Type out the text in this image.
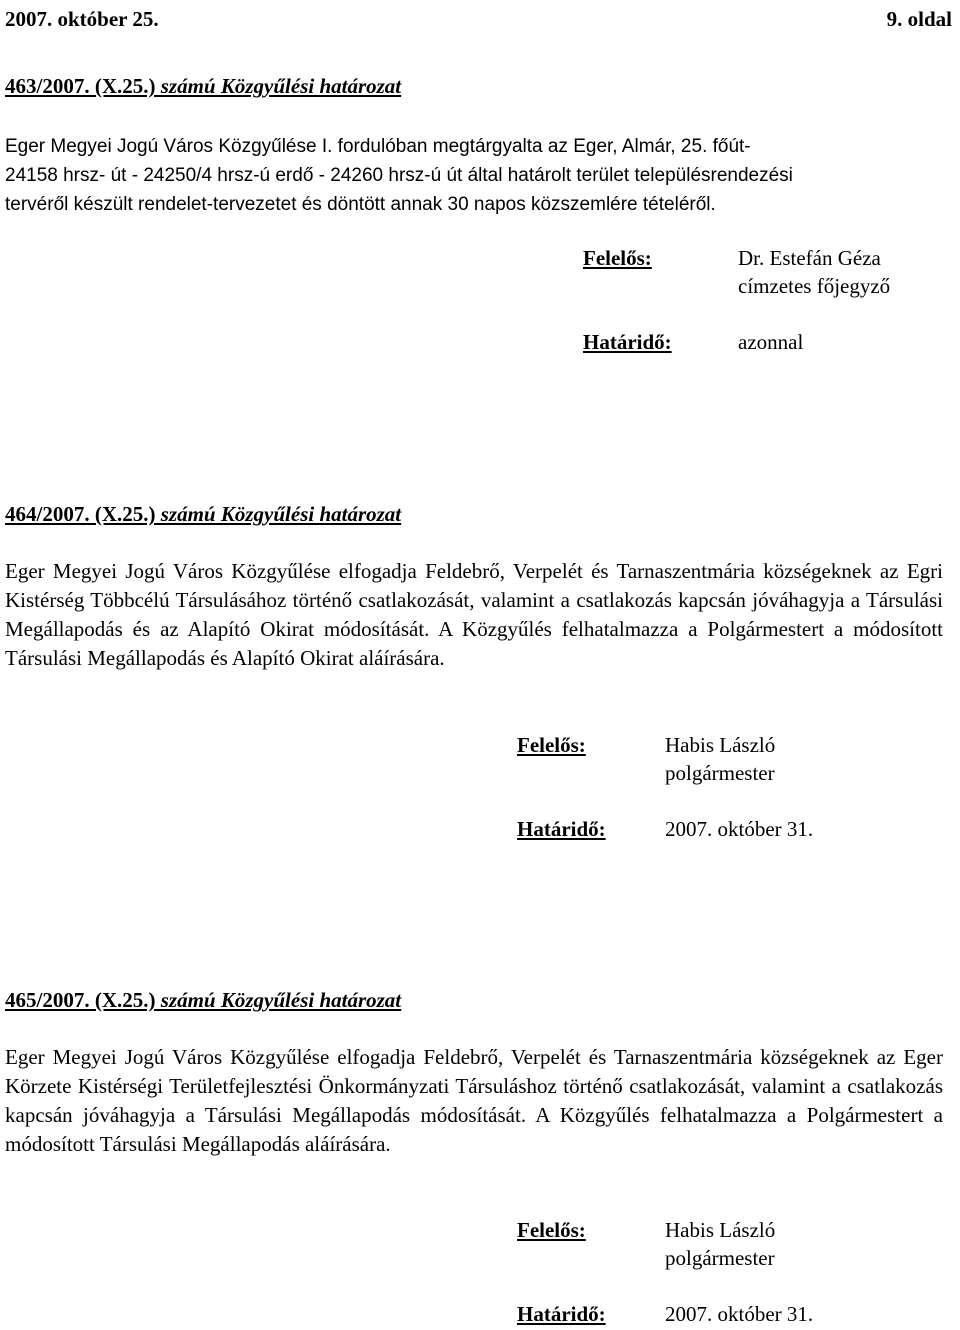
2007. október 25.	9. oldal
463/2007. (X.25.) számú Közgyűlési határozat
Eger Megyei Jogú Város Közgyűlése I. fordulóban megtárgyalta az Eger, Almár, 25. főút-
24158 hrsz- út - 24250/4 hrsz-ú erdő - 24260 hrsz-ú út által határolt terület településrendezési
tervéről készült rendelet-tervezetet és döntött annak 30 napos közszemlére tételéről.
Felelős:	Dr. Estefán Géza
címzetes főjegyző
Határidő:	azonnal
464/2007. (X.25.) számú Közgyűlési határozat
Eger Megyei Jogú Város Közgyűlése elfogadja Feldebrő, Verpelét és Tarnaszentmária községeknek az Egri Kistérség Többcélú Társulásához történő csatlakozását, valamint a csatlakozás kapcsán jóváhagyja a Társulási Megállapodás és az Alapító Okirat módosítását. A Közgyűlés felhatalmazza a Polgármestert a módosított Társulási Megállapodás és Alapító Okirat aláírására.
Felelős:	Habis László
polgármester
Határidő:	2007. október 31.
465/2007. (X.25.) számú Közgyűlési határozat
Eger Megyei Jogú Város Közgyűlése elfogadja Feldebrő, Verpelét és Tarnaszentmária községeknek az Eger Körzete Kistérségi Területfejlesztési Önkormányzati Társuláshoz történő csatlakozását, valamint a csatlakozás kapcsán jóváhagyja a Társulási Megállapodás módosítását. A Közgyűlés felhatalmazza a Polgármestert a módosított Társulási Megállapodás aláírására.
Felelős:	Habis László
polgármester
Határidő:	2007. október 31.
